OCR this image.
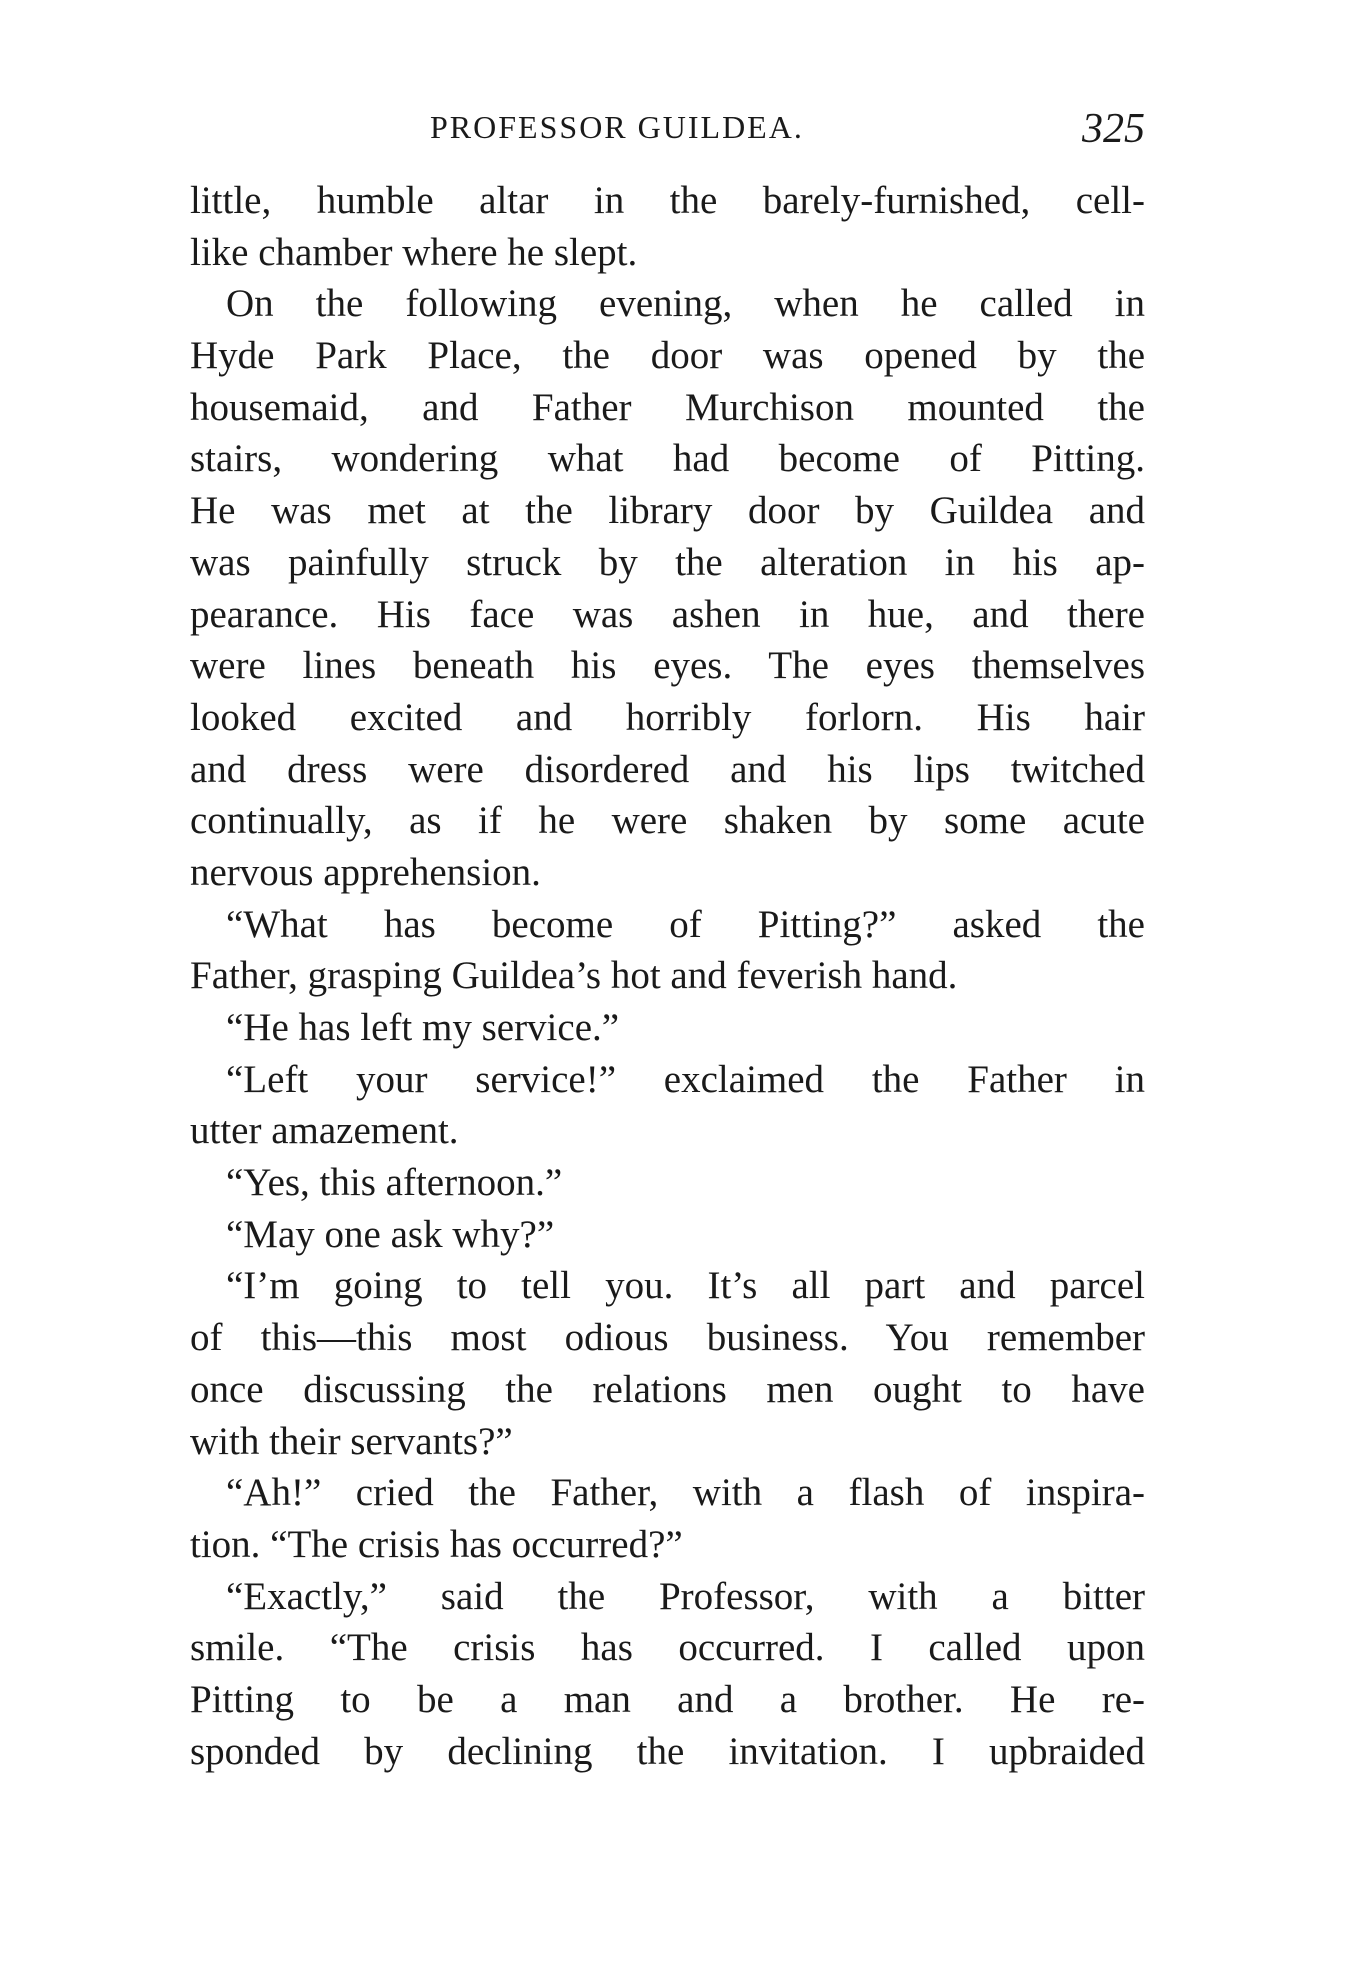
PROFESSOR GUILDEA.	325
little, humble altar in the barely-furnished, cell-
like chamber where he slept.
On the following evening, when he called in
Hyde Park Place, the door was opened by the
housemaid, and Father Murchison mounted the
stairs, wondering what had become of Pitting.
He was met at the library door by Guildea and
was painfully struck by the alteration in his ap-
pearance. His face was ashen in hue, and there
were lines beneath his eyes. The eyes themselves
looked excited and horribly forlorn. His hair
and dress were disordered and his lips twitched
continually, as if he were shaken by some acute
nervous apprehension.
“What has become of Pitting?” asked the
Father, grasping Guildea’s hot and feverish hand.
“He has left my service.”
“Left your service!” exclaimed the Father in
utter amazement.
“Yes, this afternoon.”
“May one ask why?”
“I’m going to tell you. It’s all part and parcel
of this—this most odious business. You remember
once discussing the relations men ought to have
with their servants?”
“Ah!” cried the Father, with a flash of inspira-
tion. “The crisis has occurred?”
“Exactly,” said the Professor, with a bitter
smile. “The crisis has occurred. I called upon
Pitting to be a man and a brother. He re-
sponded by declining the invitation. I upbraided
